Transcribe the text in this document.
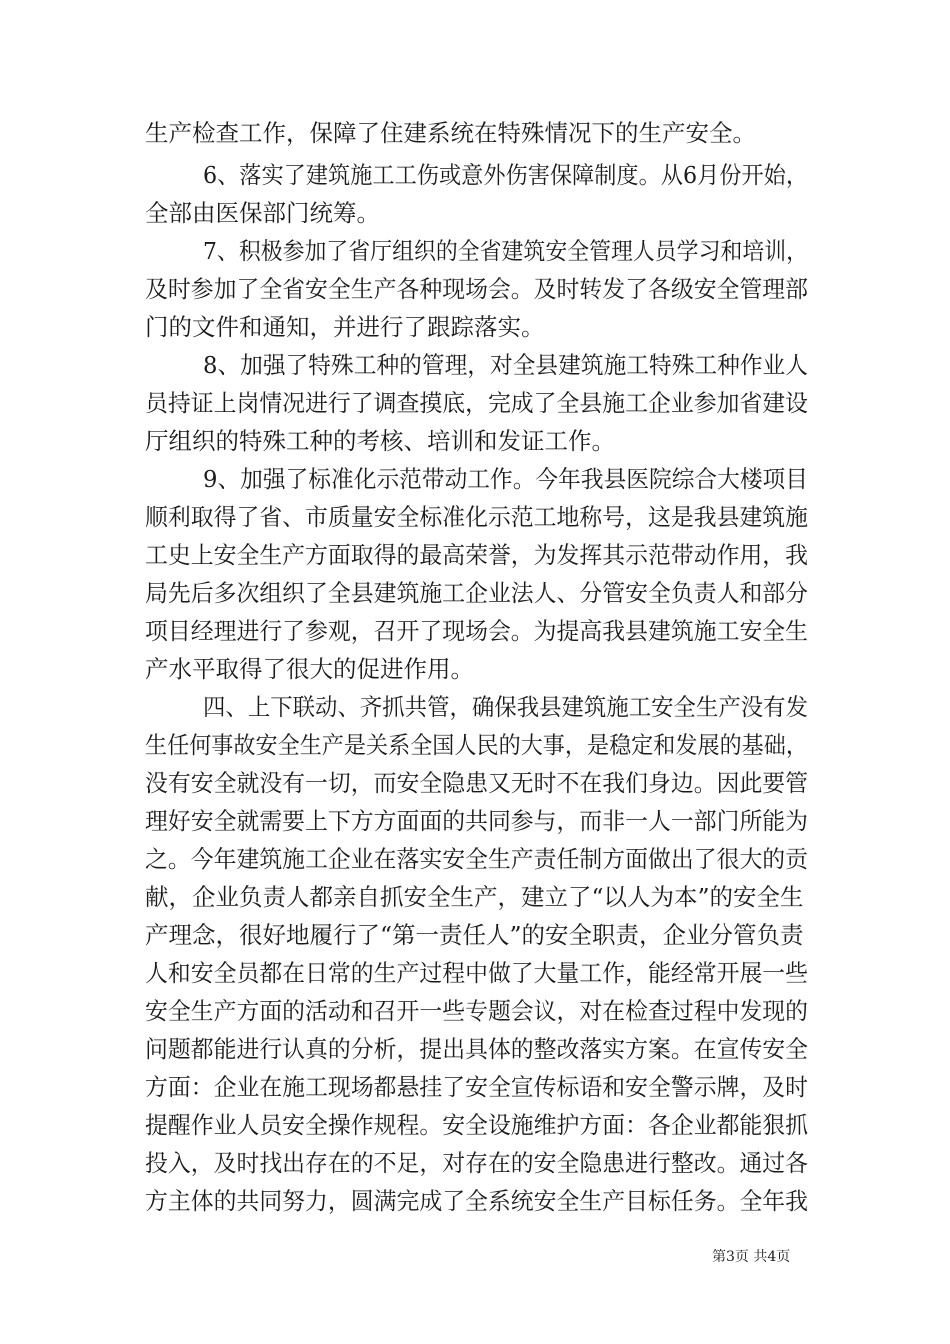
生产检查工作，保障了住建系统在特殊情况下的生产安全。
6、落实了建筑施工工伤或意外伤害保障制度。从6月份开始，
全部由医保部门统筹。
7、积极参加了省厅组织的全省建筑安全管理人员学习和培训，
及时参加了全省安全生产各种现场会。及时转发了各级安全管理部
门的文件和通知，并进行了跟踪落实。
8、加强了特殊工种的管理，对全县建筑施工特殊工种作业人
员持证上岗情况进行了调查摸底，完成了全县施工企业参加省建设
厅组织的特殊工种的考核、培训和发证工作。
9、加强了标准化示范带动工作。今年我县医院综合大楼项目
顺利取得了省、市质量安全标准化示范工地称号，这是我县建筑施
工史上安全生产方面取得的最高荣誉，为发挥其示范带动作用，我
局先后多次组织了全县建筑施工企业法人、分管安全负责人和部分
项目经理进行了参观，召开了现场会。为提高我县建筑施工安全生
产水平取得了很大的促进作用。
四、上下联动、齐抓共管，确保我县建筑施工安全生产没有发
生任何事故安全生产是关系全国人民的大事，是稳定和发展的基础，
没有安全就没有一切，而安全隐患又无时不在我们身边。因此要管
理好安全就需要上下方方面面的共同参与，而非一人一部门所能为
之。今年建筑施工企业在落实安全生产责任制方面做出了很大的贡
献，企业负责人都亲自抓安全生产，建立了“以人为本”的安全生
产理念，很好地履行了“第一责任人”的安全职责，企业分管负责
人和安全员都在日常的生产过程中做了大量工作，能经常开展一些
安全生产方面的活动和召开一些专题会议，对在检查过程中发现的
问题都能进行认真的分析，提出具体的整改落实方案。在宣传安全
方面：企业在施工现场都悬挂了安全宣传标语和安全警示牌，及时
提醒作业人员安全操作规程。安全设施维护方面：各企业都能狠抓
投入，及时找出存在的不足，对存在的安全隐患进行整改。通过各
方主体的共同努力，圆满完成了全系统安全生产目标任务。全年我
第3页 共4页
